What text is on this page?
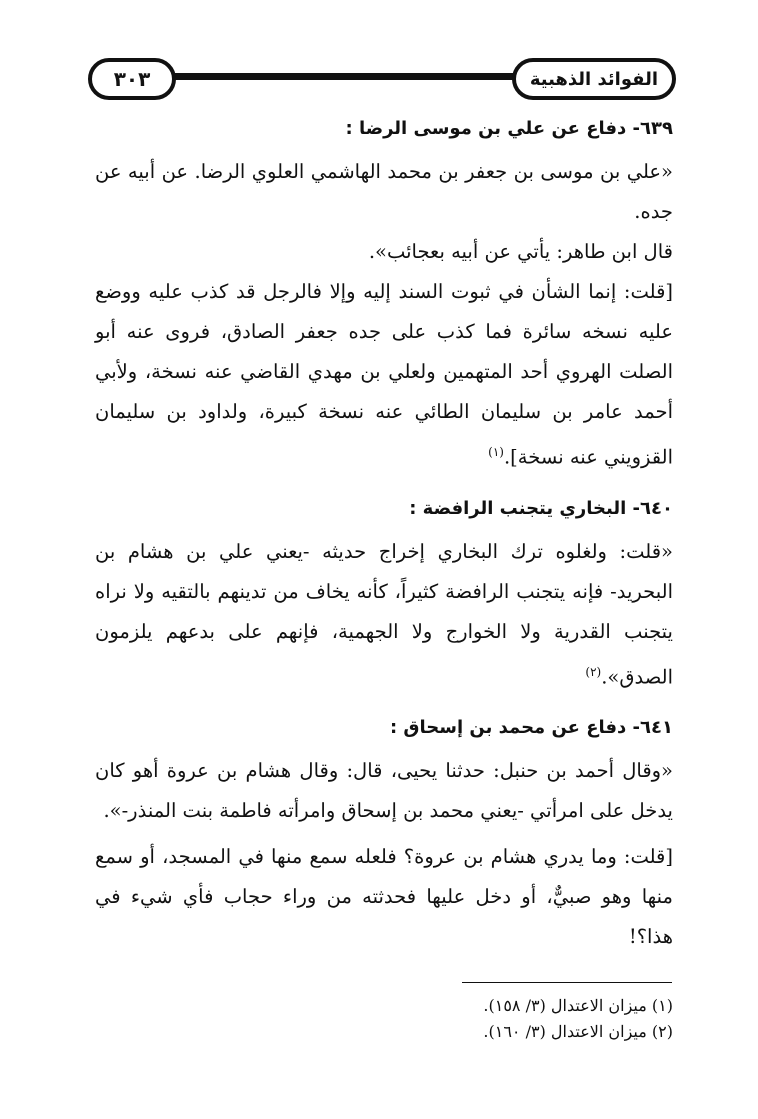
٣٠٣	الفوائد الذهبية
٦٣٩- دفاع عن علي بن موسى الرضا :

«علي بن موسى بن جعفر بن محمد الهاشمي العلوي الرضا. عن أبيه عن جده.

قال ابن طاهر: يأتي عن أبيه بعجائب».

[قلت: إنما الشأن في ثبوت السند إليه وإلا فالرجل قد كذب عليه ووضع عليه نسخه سائرة فما كذب على جده جعفر الصادق، فروى عنه أبو الصلت الهروي أحد المتهمين ولعلي بن مهدي القاضي عنه نسخة، ولأبي أحمد عامر بن سليمان الطائي عنه نسخة كبيرة، ولداود بن سليمان القزويني عنه نسخة].$^{(١)}$

٦٤٠- البخاري يتجنب الرافضة :

«قلت: ولغلوه ترك البخاري إخراج حديثه -يعني علي بن هشام بن البحريد- فإنه يتجنب الرافضة كثيراً، كأنه يخاف من تدينهم بالتقيه ولا نراه يتجنب القدرية ولا الخوارج ولا الجهمية، فإنهم على بدعهم يلزمون الصدق».$^{(٢)}$

٦٤١- دفاع عن محمد بن إسحاق :

«وقال أحمد بن حنبل: حدثنا يحيى، قال: وقال هشام بن عروة أهو كان يدخل على امرأتي -يعني محمد بن إسحاق وامرأته فاطمة بنت المنذر-».

[قلت: وما يدري هشام بن عروة؟ فلعله سمع منها في المسجد، أو سمع منها وهو صبيٌّ، أو دخل عليها فحدثته من وراء حجاب فأي شيء في هذا؟!

(١) ميزان الاعتدال (٣/ ١٥٨).

(٢) ميزان الاعتدال (٣/ ١٦٠).
